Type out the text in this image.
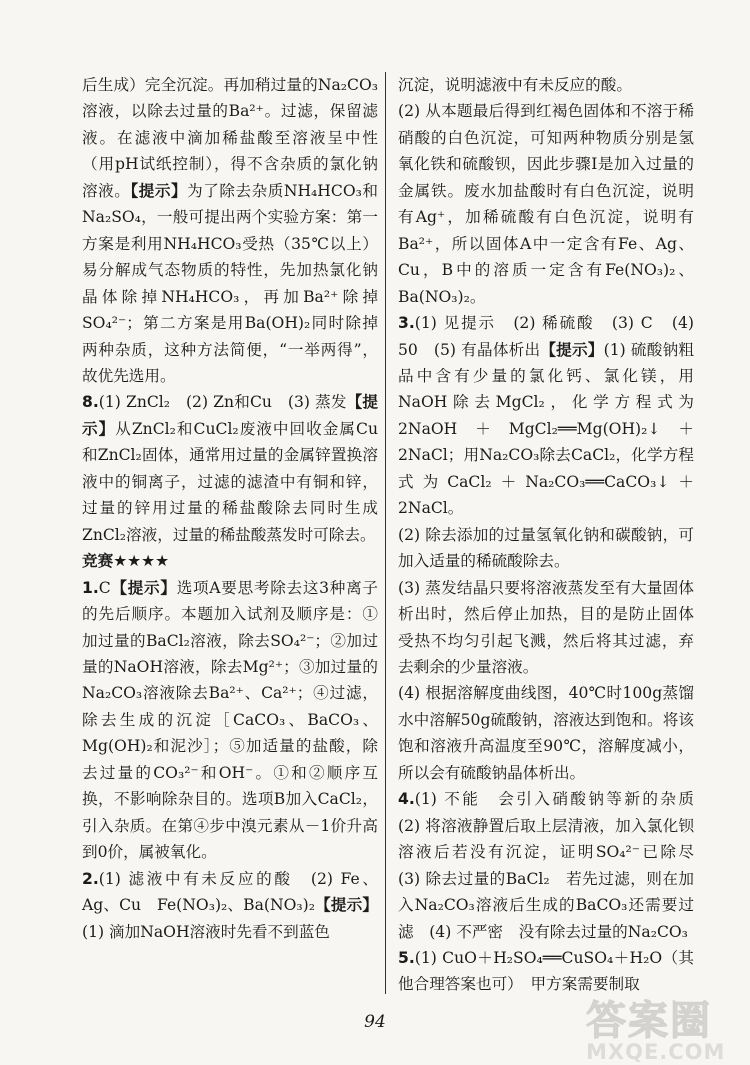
后生成）完全沉淀。再加稍过量的Na₂CO₃溶液，以除去过量的Ba²⁺。过滤，保留滤液。在滤液中滴加稀盐酸至溶液呈中性（用pH试纸控制），得不含杂质的氯化钠溶液。【提示】为了除去杂质NH₄HCO₃和Na₂SO₄，一般可提出两个实验方案：第一方案是利用NH₄HCO₃受热（35℃以上）易分解成气态物质的特性，先加热氯化钠晶体除掉NH₄HCO₃，再加Ba²⁺除掉SO₄²⁻；第二方案是用Ba(OH)₂同时除掉两种杂质，这种方法简便，“一举两得”，故优先选用。

8.(1) ZnCl₂　(2) Zn和Cu　(3) 蒸发【提示】从ZnCl₂和CuCl₂废液中回收金属Cu和ZnCl₂固体，通常用过量的金属锌置换溶液中的铜离子，过滤的滤渣中有铜和锌，过量的锌用过量的稀盐酸除去同时生成ZnCl₂溶液，过量的稀盐酸蒸发时可除去。

竞赛★★★★

1.C【提示】选项A要思考除去这3种离子的先后顺序。本题加入试剂及顺序是：①加过量的BaCl₂溶液，除去SO₄²⁻；②加过量的NaOH溶液，除去Mg²⁺；③加过量的Na₂CO₃溶液除去Ba²⁺、Ca²⁺；④过滤，除去生成的沉淀［CaCO₃、BaCO₃、Mg(OH)₂和泥沙］；⑤加适量的盐酸，除去过量的CO₃²⁻和OH⁻。①和②顺序互换，不影响除杂目的。选项B加入CaCl₂，引入杂质。在第④步中溴元素从－1价升高到0价，属被氧化。

2.(1) 滤液中有未反应的酸　(2) Fe、Ag、Cu　Fe(NO₃)₂、Ba(NO₃)₂【提示】(1) 滴加NaOH溶液时先看不到蓝色

沉淀，说明滤液中有未反应的酸。

(2) 从本题最后得到红褐色固体和不溶于稀硝酸的白色沉淀，可知两种物质分别是氢氧化铁和硫酸钡，因此步骤Ⅰ是加入过量的金属铁。废水加盐酸时有白色沉淀，说明有Ag⁺，加稀硫酸有白色沉淀，说明有Ba²⁺，所以固体A中一定含有Fe、Ag、Cu，B中的溶质一定含有Fe(NO₃)₂、Ba(NO₃)₂。

3.(1) 见提示　(2) 稀硫酸　(3) C　(4) 50　(5) 有晶体析出【提示】(1) 硫酸钠粗品中含有少量的氯化钙、氯化镁，用NaOH除去MgCl₂，化学方程式为2NaOH＋MgCl₂══Mg(OH)₂↓＋2NaCl；用Na₂CO₃除去CaCl₂，化学方程式为CaCl₂＋Na₂CO₃══CaCO₃↓＋2NaCl。

(2) 除去添加的过量氢氧化钠和碳酸钠，可加入适量的稀硫酸除去。

(3) 蒸发结晶只要将溶液蒸发至有大量固体析出时，然后停止加热，目的是防止固体受热不均匀引起飞溅，然后将其过滤，弃去剩余的少量溶液。

(4) 根据溶解度曲线图，40℃时100g蒸馏水中溶解50g硫酸钠，溶液达到饱和。将该饱和溶液升高温度至90℃，溶解度减小，所以会有硫酸钠晶体析出。

4.(1) 不能　会引入硝酸钠等新的杂质　(2) 将溶液静置后取上层清液，加入氯化钡溶液后若没有沉淀，证明SO₄²⁻已除尽　(3) 除去过量的BaCl₂　若先过滤，则在加入Na₂CO₃溶液后生成的BaCO₃还需要过滤　(4) 不严密　没有除去过量的Na₂CO₃

5.(1) CuO＋H₂SO₄══CuSO₄＋H₂O（其他合理答案也可）　甲方案需要制取

94	答案圈
MXQE.COM
